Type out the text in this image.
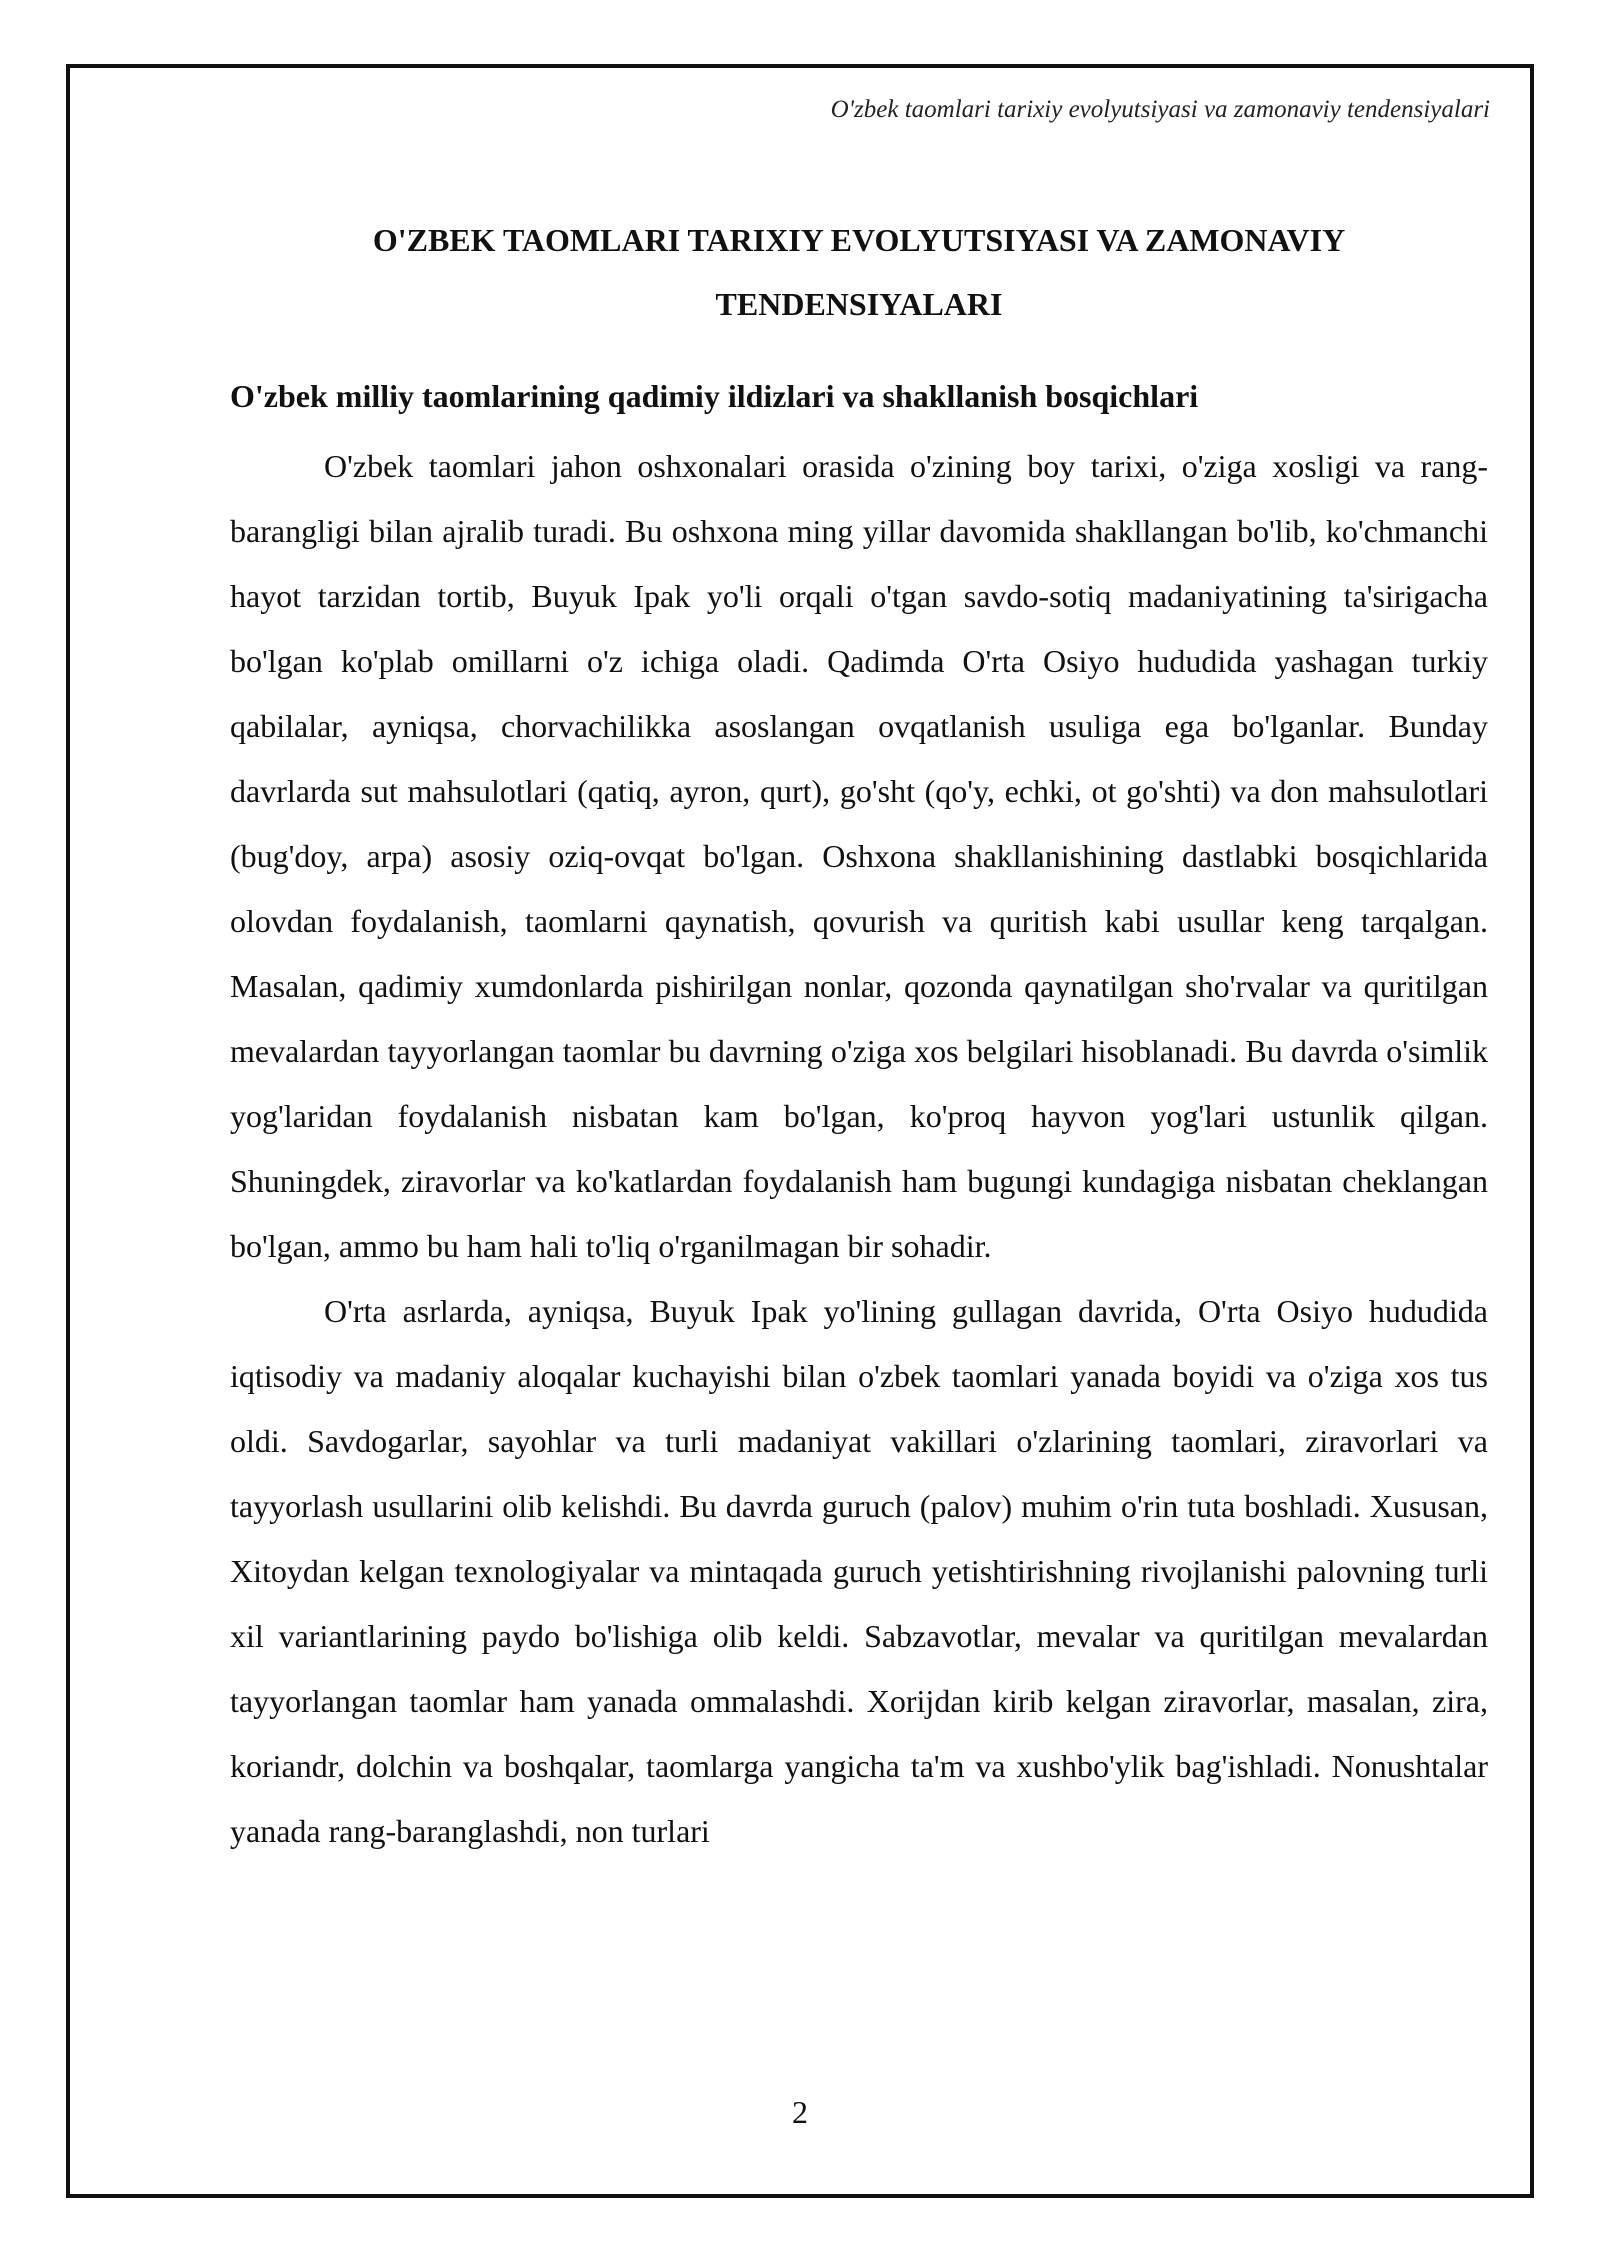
O'zbek taomlari tarixiy evolyutsiyasi va zamonaviy tendensiyalari
O'ZBEK TAOMLARI TARIXIY EVOLYUTSIYASI VA ZAMONAVIY TENDENSIYALARI
O'zbek milliy taomlarining qadimiy ildizlari va shakllanish bosqichlari

O'zbek taomlari jahon oshxonalari orasida o'zining boy tarixi, o'ziga xosligi va rang-barangligi bilan ajralib turadi. Bu oshxona ming yillar davomida shakllangan bo'lib, ko'chmanchi hayot tarzidan tortib, Buyuk Ipak yo'li orqali o'tgan savdo-sotiq madaniyatining ta'sirigacha bo'lgan ko'plab omillarni o'z ichiga oladi. Qadimda O'rta Osiyo hududida yashagan turkiy qabilalar, ayniqsa, chorvachilikka asoslangan ovqatlanish usuliga ega bo'lganlar. Bunday davrlarda sut mahsulotlari (qatiq, ayron, qurt), go'sht (qo'y, echki, ot go'shti) va don mahsulotlari (bug'doy, arpa) asosiy oziq-ovqat bo'lgan. Oshxona shakllanishining dastlabki bosqichlarida olovdan foydalanish, taomlarni qaynatish, qovurish va quritish kabi usullar keng tarqalgan. Masalan, qadimiy xumdonlarda pishirilgan nonlar, qozonda qaynatilgan sho'rvalar va quritilgan mevalardan tayyorlangan taomlar bu davrning o'ziga xos belgilari hisoblanadi. Bu davrda o'simlik yog'laridan foydalanish nisbatan kam bo'lgan, ko'proq hayvon yog'lari ustunlik qilgan. Shuningdek, ziravorlar va ko'katlardan foydalanish ham bugungi kundagiga nisbatan cheklangan bo'lgan, ammo bu ham hali to'liq o'rganilmagan bir sohadir.

O'rta asrlarda, ayniqsa, Buyuk Ipak yo'lining gullagan davrida, O'rta Osiyo hududida iqtisodiy va madaniy aloqalar kuchayishi bilan o'zbek taomlari yanada boyidi va o'ziga xos tus oldi. Savdogarlar, sayohlar va turli madaniyat vakillari o'zlarining taomlari, ziravorlari va tayyorlash usullarini olib kelishdi. Bu davrda guruch (palov) muhim o'rin tuta boshladi. Xususan, Xitoydan kelgan texnologiyalar va mintaqada guruch yetishtirishning rivojlanishi palovning turli xil variantlarining paydo bo'lishiga olib keldi. Sabzavotlar, mevalar va quritilgan mevalardan tayyorlangan taomlar ham yanada ommalashdi. Xorijdan kirib kelgan ziravorlar, masalan, zira, koriandr, dolchin va boshqalar, taomlarga yangicha ta'm va xushbo'ylik bag'ishladi. Nonushtalar yanada rang-baranglashdi, non turlari

2
